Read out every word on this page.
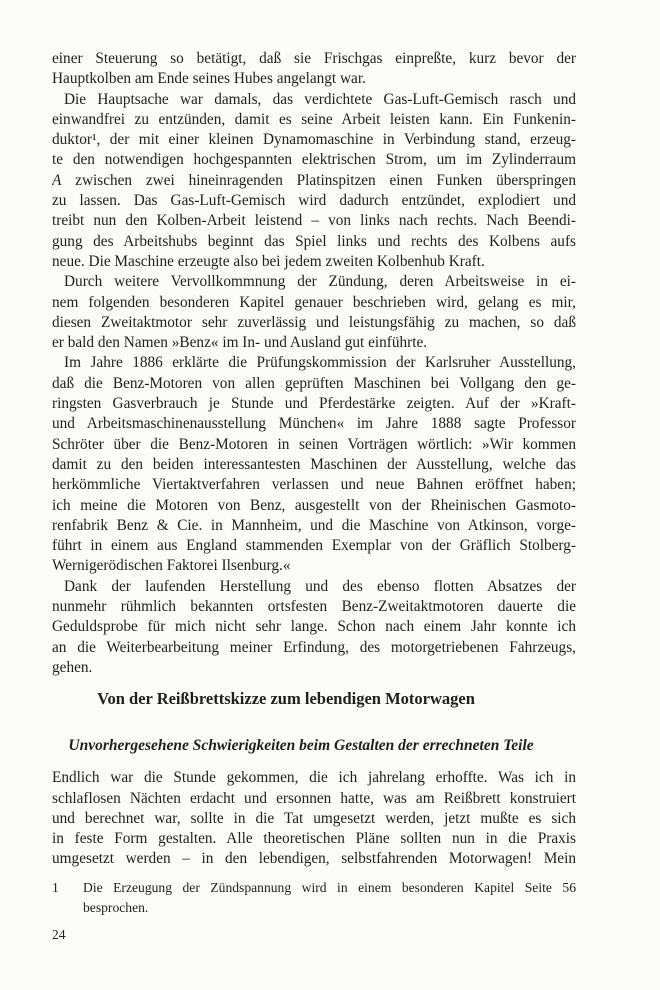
einer Steuerung so betätigt, daß sie Frischgas einpreßte, kurz bevor der
Hauptkolben am Ende seines Hubes angelangt war.
Die Hauptsache war damals, das verdichtete Gas-Luft-Gemisch rasch und
einwandfrei zu entzünden, damit es seine Arbeit leisten kann. Ein Funkenin-
duktor¹, der mit einer kleinen Dynamomaschine in Verbindung stand, erzeug-
te den notwendigen hochgespannten elektrischen Strom, um im Zylinderraum
A zwischen zwei hineinragenden Platinspitzen einen Funken überspringen
zu lassen. Das Gas-Luft-Gemisch wird dadurch entzündet, explodiert und
treibt nun den Kolben-Arbeit leistend – von links nach rechts. Nach Beendi-
gung des Arbeitshubs beginnt das Spiel links und rechts des Kolbens aufs
neue. Die Maschine erzeugte also bei jedem zweiten Kolbenhub Kraft.
Durch weitere Vervollkommnung der Zündung, deren Arbeitsweise in ei-
nem folgenden besonderen Kapitel genauer beschrieben wird, gelang es mir,
diesen Zweitaktmotor sehr zuverlässig und leistungsfähig zu machen, so daß
er bald den Namen »Benz« im In- und Ausland gut einführte.
Im Jahre 1886 erklärte die Prüfungskommission der Karlsruher Ausstellung,
daß die Benz-Motoren von allen geprüften Maschinen bei Vollgang den ge-
ringsten Gasverbrauch je Stunde und Pferdestärke zeigten. Auf der »Kraft-
und Arbeitsmaschinenausstellung München« im Jahre 1888 sagte Professor
Schröter über die Benz-Motoren in seinen Vorträgen wörtlich: »Wir kommen
damit zu den beiden interessantesten Maschinen der Ausstellung, welche das
herkömmliche Viertaktverfahren verlassen und neue Bahnen eröffnet haben;
ich meine die Motoren von Benz, ausgestellt von der Rheinischen Gasmoto-
renfabrik Benz & Cie. in Mannheim, und die Maschine von Atkinson, vorge-
führt in einem aus England stammenden Exemplar von der Gräflich Stolberg-
Wernigerödischen Faktorei Ilsenburg.«
Dank der laufenden Herstellung und des ebenso flotten Absatzes der
nunmehr rühmlich bekannten ortsfesten Benz-Zweitaktmotoren dauerte die
Geduldsprobe für mich nicht sehr lange. Schon nach einem Jahr konnte ich
an die Weiterbearbeitung meiner Erfindung, des motorgetriebenen Fahrzeugs,
gehen.
Von der Reißbrettskizze zum lebendigen Motorwagen
Unvorhergesehene Schwierigkeiten beim Gestalten der errechneten Teile
Endlich war die Stunde gekommen, die ich jahrelang erhoffte. Was ich in
schlaflosen Nächten erdacht und ersonnen hatte, was am Reißbrett konstruiert
und berechnet war, sollte in die Tat umgesetzt werden, jetzt mußte es sich
in feste Form gestalten. Alle theoretischen Pläne sollten nun in die Praxis
umgesetzt werden – in den lebendigen, selbstfahrenden Motorwagen! Mein
1	Die Erzeugung der Zündspannung wird in einem besonderen Kapitel Seite 56
besprochen.
24
